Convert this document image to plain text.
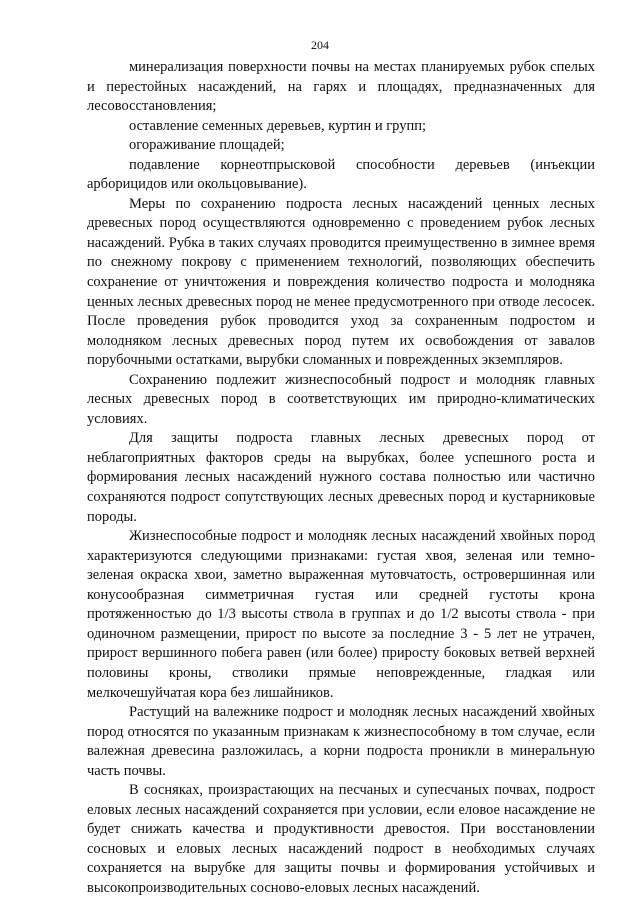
204

минерализация поверхности почвы на местах планируемых рубок спелых и перестойных насаждений, на гарях и площадях, предназначенных для лесовосстановления;

оставление семенных деревьев, куртин и групп;

огораживание площадей;

подавление корнеотпрысковой способности деревьев (инъекции арборицидов или окольцовывание).

Меры по сохранению подроста лесных насаждений ценных лесных древесных пород осуществляются одновременно с проведением рубок лесных насаждений. Рубка в таких случаях проводится преимущественно в зимнее время по снежному покрову с применением технологий, позволяющих обеспечить сохранение от уничтожения и повреждения количество подроста и молодняка ценных лесных древесных пород не менее предусмотренного при отводе лесосек. После проведения рубок проводится уход за сохраненным подростом и молодняком лесных древесных пород путем их освобождения от завалов порубочными остатками, вырубки сломанных и поврежденных экземпляров.

Сохранению подлежит жизнеспособный подрост и молодняк главных лесных древесных пород в соответствующих им природно-климатических условиях.

Для защиты подроста главных лесных древесных пород от неблагоприятных факторов среды на вырубках, более успешного роста и формирования лесных насаждений нужного состава полностью или частично сохраняются подрост сопутствующих лесных древесных пород и кустарниковые породы.

Жизнеспособные подрост и молодняк лесных насаждений хвойных пород характеризуются следующими признаками: густая хвоя, зеленая или темно-зеленая окраска хвои, заметно выраженная мутовчатость, островершинная или конусообразная симметричная густая или средней густоты крона протяженностью до 1/3 высоты ствола в группах и до 1/2 высоты ствола - при одиночном размещении, прирост по высоте за последние 3 - 5 лет не утрачен, прирост вершинного побега равен (или более) приросту боковых ветвей верхней половины кроны, стволики прямые неповрежденные, гладкая или мелкочешуйчатая кора без лишайников.

Растущий на валежнике подрост и молодняк лесных насаждений хвойных пород относятся по указанным признакам к жизнеспособному в том случае, если валежная древесина разложилась, а корни подроста проникли в минеральную часть почвы.

В сосняках, произрастающих на песчаных и супесчаных почвах, подрост еловых лесных насаждений сохраняется при условии, если еловое насаждение не будет снижать качества и продуктивности древостоя. При восстановлении сосновых и еловых лесных насаждений подрост в необходимых случаях сохраняется на вырубке для защиты почвы и формирования устойчивых и высокопроизводительных сосново-еловых лесных насаждений.
